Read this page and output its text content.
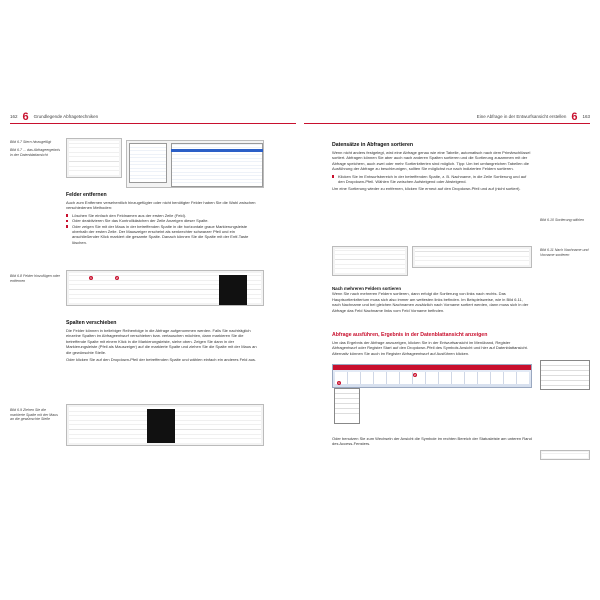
162 6 Grundlegende Abfragetechniken
Bild 6.7 Stern hinzugefügt
Bild 6.7 ... das Abfrageergebnis in der Datenblattansicht
Felder entfernen

Auch zum Entfernen versehentlich hinzugefügter oder nicht benötigter Felder haben Sie die Wahl zwischen verschiedenen Methoden:

Löschen Sie einfach den Feldnamen aus der ersten Zeile (Feld).

Oder deaktivieren Sie das Kontrollkästchen der Zeile Anzeigen dieser Spalte.

Oder zeigen Sie mit der Maus in der betreffenden Spalte in die horizontale graue Markierungsleiste oberhalb der ersten Zeile. Der Mauszeiger erscheint als senkrechter schwarzer Pfeil und ein anschließender Klick markiert die gesamte Spalte. Danach können Sie die Spalte mit der Entf-Taste löschen.

Bild 6.8 Felder hinzufügen oder entfernen
1	2
Spalten verschieben

Die Felder können in beliebiger Reihenfolge in die Abfrage aufgenommen werden. Falls Sie nachträglich einzelne Spalten im Abfrageentwurf verschieben bzw. vertauschen möchten, dann markieren Sie die betreffende Spalte mit einem Klick in die Markierungsleiste, siehe oben. Zeigen Sie dann in der Markierungsleiste (Pfeil als Mauszeiger) auf die markierte Spalte und ziehen Sie die Spalte mit der Maus an die gewünschte Stelle.

Oder klicken Sie auf den Dropdown-Pfeil der betreffenden Spalte und wählen einfach ein anderes Feld aus.

Bild 6.9 Ziehen Sie die markierte Spalte mit der Maus an die gewünschte Stelle
Eine Abfrage in der Entwurfsansicht erstellen 6 163
Datensätze in Abfragen sortieren

Wenn nicht anders festgelegt, wird eine Abfrage genau wie eine Tabelle, automatisch nach dem Primärschlüssel sortiert. Abfragen können Sie aber auch nach anderen Spalten sortieren und die Sortierung zusammen mit der Abfrage speichern, auch zwei oder mehr Sortierkriterien sind möglich. Tipp: Um bei umfangreichen Tabellen die Ausführung der Abfrage zu beschleunigen, sollten Sie möglichst nur nach indizierten Feldern sortieren.

Klicken Sie im Entwurfsbereich in der betreffenden Spalte, z. B. Nachname, in die Zeile Sortierung und auf den Dropdown-Pfeil. Wählen Sie zwischen Aufsteigend oder Absteigend.

Um eine Sortierung wieder zu entfernen, klicken Sie erneut auf den Dropdown-Pfeil und auf (nicht sortiert).

Bild 6.10 Sortierung wählen
Bild 6.11 Nach Nachname und Vorname sortieren

Nach mehreren Feldern sortieren

Wenn Sie nach mehreren Feldern sortieren, dann erfolgt die Sortierung von links nach rechts. Das Hauptsortierkriterium muss sich also immer am weitesten links befinden. Im Beispielsweise, wie in Bild 6.11, nach Nachname und bei gleichen Nachnamen zusätzlich nach Vorname sortiert werden, dann muss sich in der Abfrage das Feld Nachname links vom Feld Vorname befinden.

Abfrage ausführen, Ergebnis in der Datenblattansicht anzeigen

Um das Ergebnis der Abfrage anzuzeigen, klicken Sie in der Entwurfsansicht im Menüband, Register Abfragentwurf oder Register Start auf den Dropdown-Pfeil des Symbols Ansicht und hier auf Datenblattansicht. Alternativ können Sie auch im Register Abfrageentwurf auf Ausführen klicken.

1
2

Oder benutzen Sie zum Wechseln der Ansicht die Symbole im rechten Bereich der Statusleiste am unteren Rand des Access-Fensters.
